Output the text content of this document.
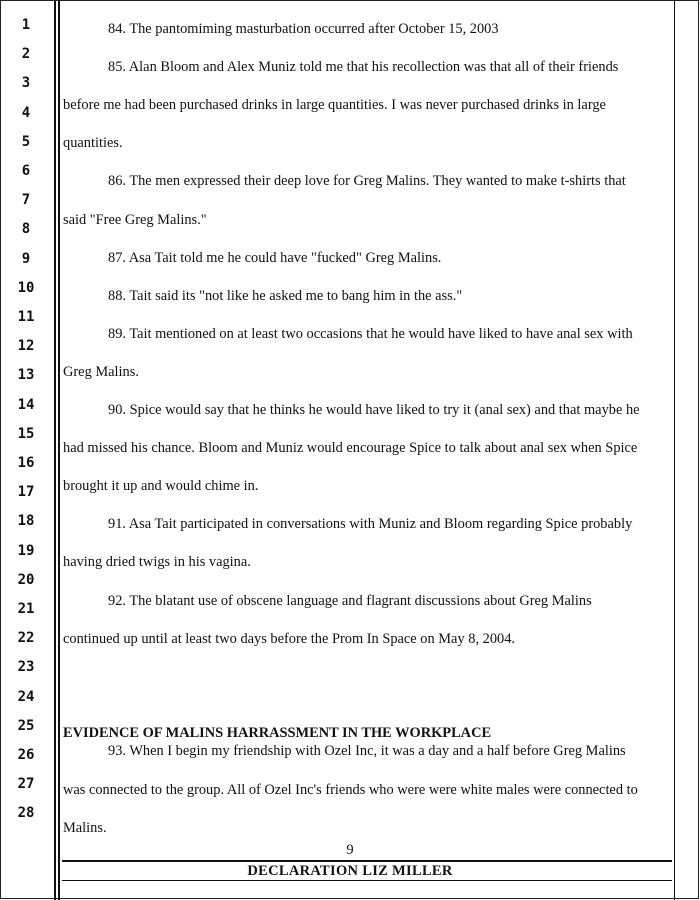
1
2
3
4
5
6
7
8
9
10
11
12
13
14
15
16
17
18
19
20
21
22
23
24
25
26
27
28
84. The pantomiming masturbation occurred after October 15, 2003
85. Alan Bloom and Alex Muniz told me that his recollection was that all of their friends
before me had been purchased drinks in large quantities. I was never purchased drinks in large
quantities.
86. The men expressed their deep love for Greg Malins. They wanted to make t-shirts that
said "Free Greg Malins."
87. Asa Tait told me he could have "fucked" Greg Malins.
88. Tait said its "not like he asked me to bang him in the ass."
89. Tait mentioned on at least two occasions that he would have liked to have anal sex with
Greg Malins.
90. Spice would say that he thinks he would have liked to try it (anal sex) and that maybe he
had missed his chance. Bloom and Muniz would encourage Spice to talk about anal sex when Spice
brought it up and would chime in.
91. Asa Tait participated in conversations with Muniz and Bloom regarding Spice probably
having dried twigs in his vagina.
92. The blatant use of obscene language and flagrant discussions about Greg Malins
continued up until at least two days before the Prom In Space on May 8, 2004.
EVIDENCE OF MALINS HARRASSMENT IN THE WORKPLACE
93. When I begin my friendship with Ozel Inc, it was a day and a half before Greg Malins
was connected to the group. All of Ozel Inc's friends who were were white males were connected to
Malins.
9
DECLARATION LIZ MILLER
